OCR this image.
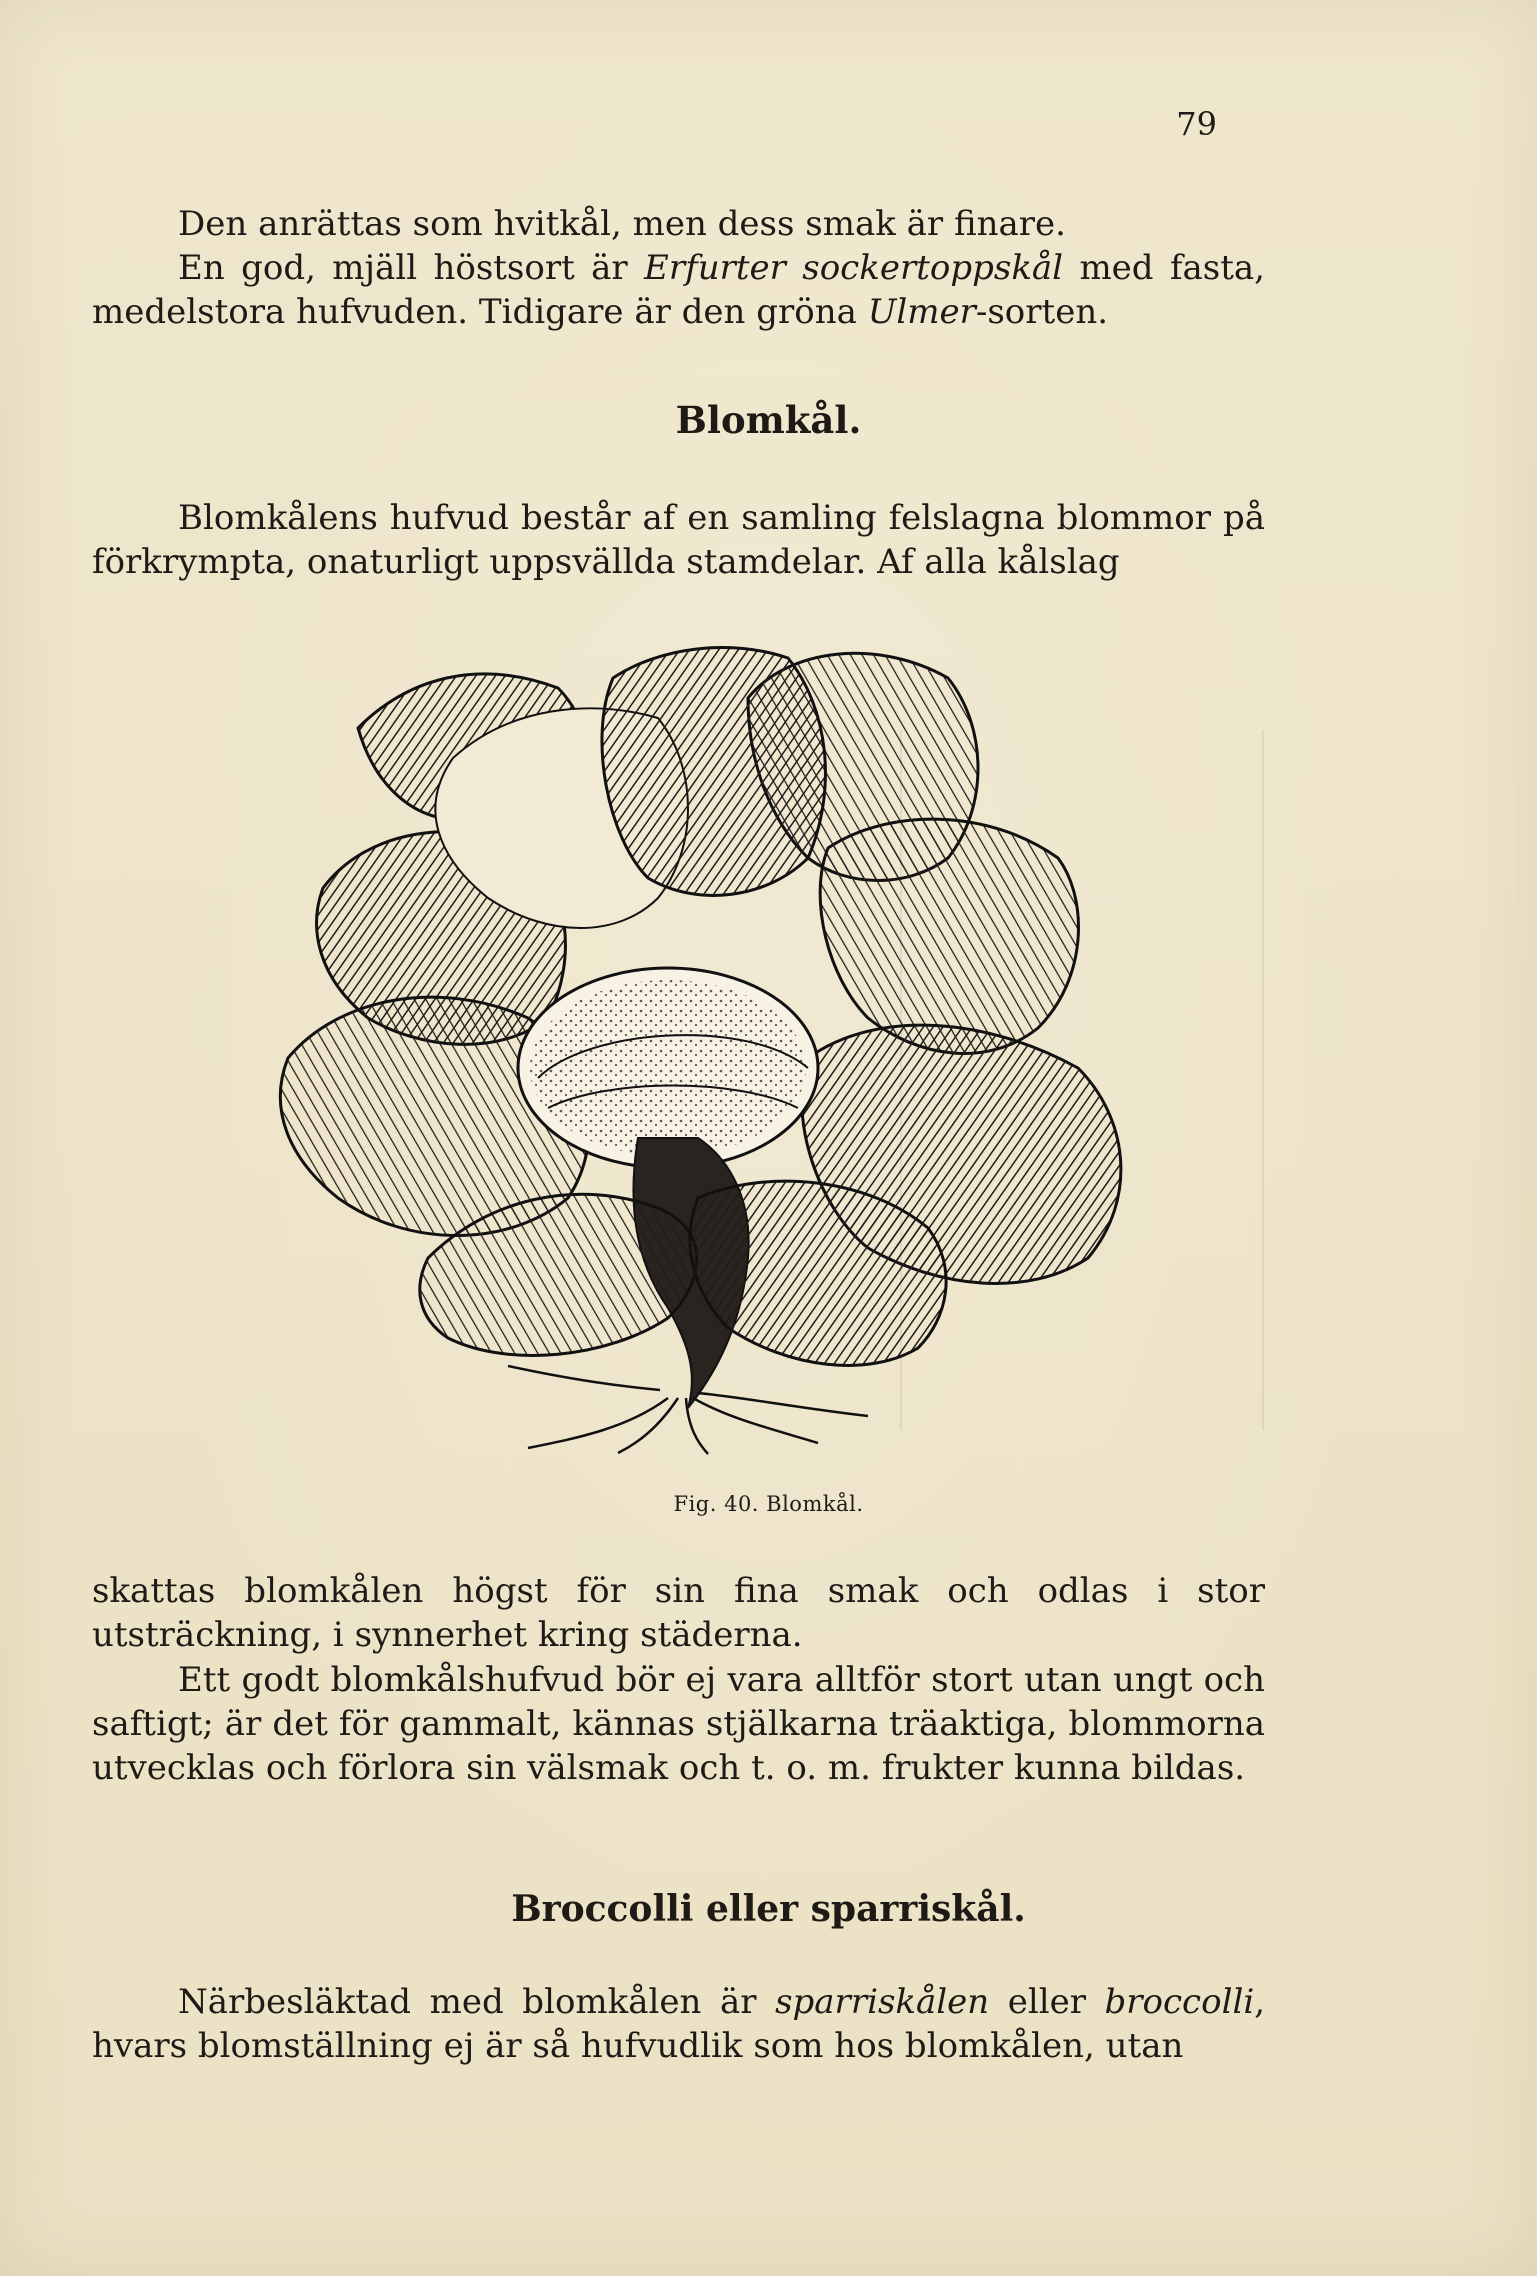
79

Den anrättas som hvitkål, men dess smak är finare.

En god, mjäll höstsort är Erfurter sockertoppskål med fasta, medelstora hufvuden. Tidigare är den gröna Ulmer-sorten.

Blomkål.

Blomkålens hufvud består af en samling felslagna blommor på förkrympta, onaturligt uppsvällda stamdelar. Af alla kålslag

Fig. 40. Blomkål.

skattas blomkålen högst för sin fina smak och odlas i stor utsträckning, i synnerhet kring städerna.

Ett godt blomkålshufvud bör ej vara alltför stort utan ungt och saftigt; är det för gammalt, kännas stjälkarna träaktiga, blommorna utvecklas och förlora sin välsmak och t. o. m. frukter kunna bildas.

Broccolli eller sparriskål.

Närbesläktad med blomkålen är sparriskålen eller broccolli, hvars blomställning ej är så hufvudlik som hos blomkålen, utan
